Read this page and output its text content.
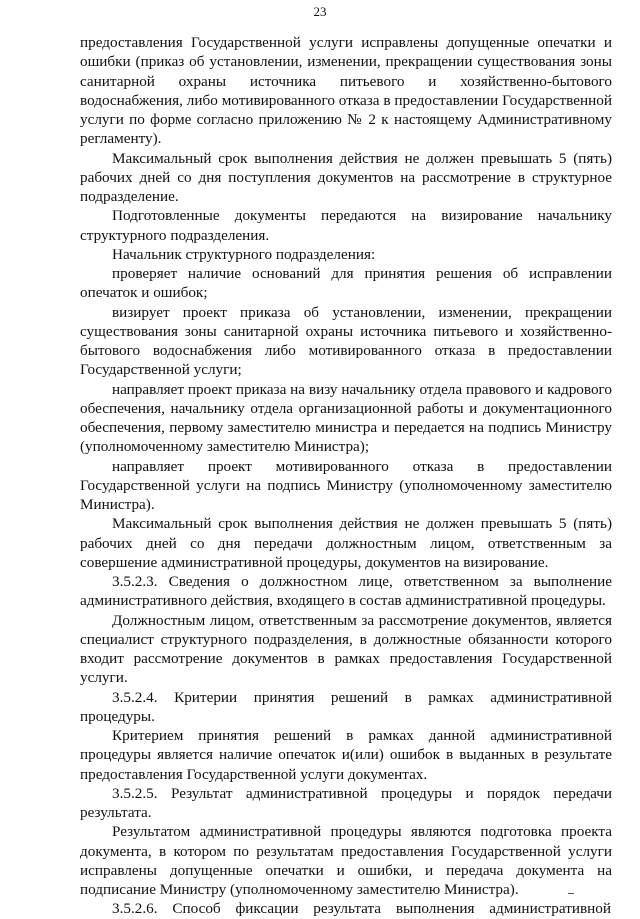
23

предоставления Государственной услуги исправлены допущенные опечатки и ошибки (приказ об установлении, изменении, прекращении существования зоны санитарной охраны источника питьевого и хозяйственно-бытового водоснабжения, либо мотивированного отказа в предоставлении Государственной услуги по форме согласно приложению № 2 к настоящему Административному регламенту).

Максимальный срок выполнения действия не должен превышать 5 (пять) рабочих дней со дня поступления документов на рассмотрение в структурное подразделение.

Подготовленные документы передаются на визирование начальнику структурного подразделения.

Начальник структурного подразделения:

проверяет наличие оснований для принятия решения об исправлении опечаток и ошибок;

визирует проект приказа об установлении, изменении, прекращении существования зоны санитарной охраны источника питьевого и хозяйственно-бытового водоснабжения либо мотивированного отказа в предоставлении Государственной услуги;

направляет проект приказа на визу начальнику отдела правового и кадрового обеспечения, начальнику отдела организационной работы и документационного обеспечения, первому заместителю министра и передается на подпись Министру (уполномоченному заместителю Министра);

направляет проект мотивированного отказа в предоставлении Государственной услуги на подпись Министру (уполномоченному заместителю Министра).

Максимальный срок выполнения действия не должен превышать 5 (пять) рабочих дней со дня передачи должностным лицом, ответственным за совершение административной процедуры, документов на визирование.

3.5.2.3. Сведения о должностном лице, ответственном за выполнение административного действия, входящего в состав административной процедуры.

Должностным лицом, ответственным за рассмотрение документов, является специалист структурного подразделения, в должностные обязанности которого входит рассмотрение документов в рамках предоставления Государственной услуги.

3.5.2.4. Критерии принятия решений в рамках административной процедуры.

Критерием принятия решений в рамках данной административной процедуры является наличие опечаток и(или) ошибок в выданных в результате предоставления Государственной услуги документах.

3.5.2.5. Результат административной процедуры и порядок передачи результата.

Результатом административной процедуры являются подготовка проекта документа, в котором по результатам предоставления Государственной услуги исправлены допущенные опечатки и ошибки, и передача документа на подписание Министру (уполномоченному заместителю Министра).

3.5.2.6. Способ фиксации результата выполнения административной
